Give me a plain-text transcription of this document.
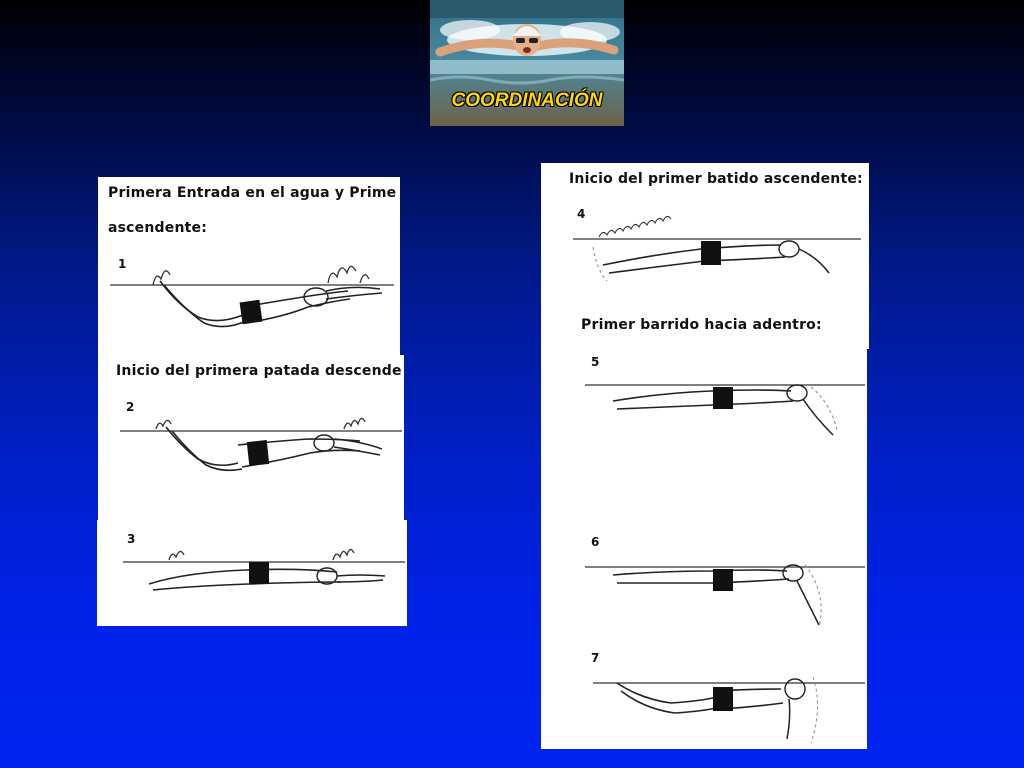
COORDINACIÓN
Primera Entrada en el agua y Prime
ascendente:
1
Inicio del primera patada descende
2
3
Inicio del primer batido ascendente:
4
5
6
7
Primer barrido hacia adentro:
